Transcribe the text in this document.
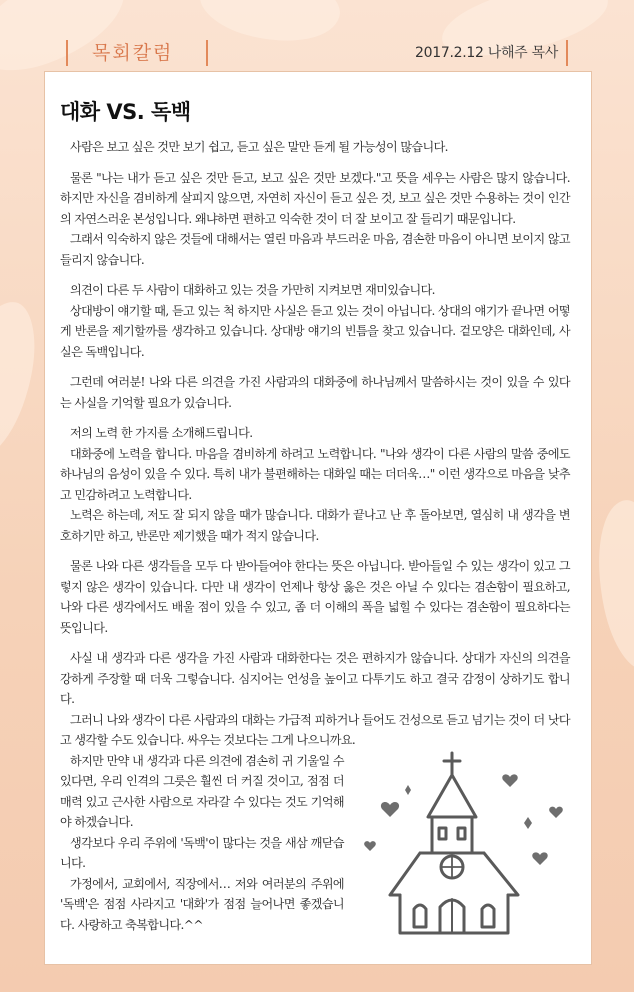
목회칼럼	2017.2.12 나해주 목사
대화 VS. 독백

사람은 보고 싶은 것만 보기 쉽고, 듣고 싶은 말만 듣게 될 가능성이 많습니다.

물론 "나는 내가 듣고 싶은 것만 듣고, 보고 싶은 것만 보겠다."고 뜻을 세우는 사람은 많지 않습니다. 하지만 자신을 겸비하게 살피지 않으면, 자연히 자신이 듣고 싶은 것, 보고 싶은 것만 수용하는 것이 인간의 자연스러운 본성입니다. 왜냐하면 편하고 익숙한 것이 더 잘 보이고 잘 들리기 때문입니다.

그래서 익숙하지 않은 것들에 대해서는 열린 마음과 부드러운 마음, 겸손한 마음이 아니면 보이지 않고 들리지 않습니다.

의견이 다른 두 사람이 대화하고 있는 것을 가만히 지켜보면 재미있습니다.

상대방이 얘기할 때, 듣고 있는 척 하지만 사실은 듣고 있는 것이 아닙니다. 상대의 얘기가 끝나면 어떻게 반론을 제기할까를 생각하고 있습니다. 상대방 얘기의 빈틈을 찾고 있습니다. 겉모양은 대화인데, 사실은 독백입니다.

그런데 여러분! 나와 다른 의견을 가진 사람과의 대화중에 하나님께서 말씀하시는 것이 있을 수 있다는 사실을 기억할 필요가 있습니다.

저의 노력 한 가지를 소개해드립니다.

대화중에 노력을 합니다. 마음을 겸비하게 하려고 노력합니다. "나와 생각이 다른 사람의 말씀 중에도 하나님의 음성이 있을 수 있다. 특히 내가 불편해하는 대화일 때는 더더욱…" 이런 생각으로 마음을 낮추고 민감하려고 노력합니다.

노력은 하는데, 저도 잘 되지 않을 때가 많습니다. 대화가 끝나고 난 후 돌아보면, 열심히 내 생각을 변호하기만 하고, 반론만 제기했을 때가 적지 않습니다.

물론 나와 다른 생각들을 모두 다 받아들여야 한다는 뜻은 아닙니다. 받아들일 수 있는 생각이 있고 그렇지 않은 생각이 있습니다. 다만 내 생각이 언제나 항상 옳은 것은 아닐 수 있다는 겸손함이 필요하고, 나와 다른 생각에서도 배울 점이 있을 수 있고, 좀 더 이해의 폭을 넓힐 수 있다는 겸손함이 필요하다는 뜻입니다.

사실 내 생각과 다른 생각을 가진 사람과 대화한다는 것은 편하지가 않습니다. 상대가 자신의 의견을 강하게 주장할 때 더욱 그렇습니다. 심지어는 언성을 높이고 다투기도 하고 결국 감정이 상하기도 합니다.

그러니 나와 생각이 다른 사람과의 대화는 가급적 피하거나 들어도 건성으로 듣고 넘기는 것이 더 낫다고 생각할 수도 있습니다. 싸우는 것보다는 그게 나으니까요.

하지만 만약 내 생각과 다른 의견에 겸손히 귀 기울일 수 있다면, 우리 인격의 그릇은 훨씬 더 커질 것이고, 점점 더 매력 있고 근사한 사람으로 자라갈 수 있다는 것도 기억해야 하겠습니다.

생각보다 우리 주위에 '독백'이 많다는 것을 새삼 깨닫습니다.

가정에서, 교회에서, 직장에서… 저와 여러분의 주위에 '독백'은 점점 사라지고 '대화'가 점점 늘어나면 좋겠습니다. 사랑하고 축복합니다.^^
